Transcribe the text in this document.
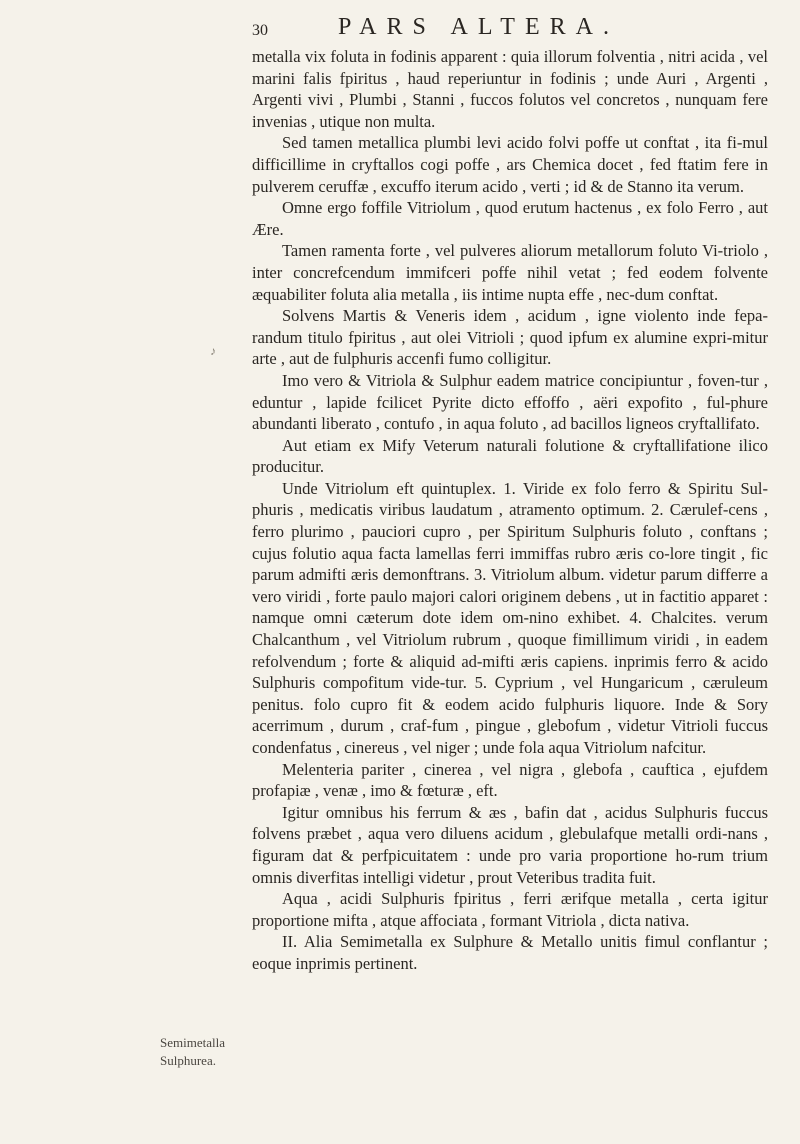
30	PARS ALTERA.
♪

metalla vix foluta in fodinis apparent : quia illorum folventia , nitri acida , vel marini falis fpiritus , haud reperiuntur in fodinis ; unde Auri , Argenti , Argenti vivi , Plumbi , Stanni , fuccos folutos vel concretos , nunquam fere invenias , utique non multa.

Sed tamen metallica plumbi levi acido folvi poffe ut conftat , ita fi-mul difficillime in cryftallos cogi poffe , ars Chemica docet , fed ftatim fere in pulverem ceruffæ , excuffo iterum acido , verti ; id & de Stanno ita verum.

Omne ergo foffile Vitriolum , quod erutum hactenus , ex folo Ferro , aut Ære.

Tamen ramenta forte , vel pulveres aliorum metallorum foluto Vi-triolo , inter concrefcendum immifceri poffe nihil vetat ; fed eodem folvente æquabiliter foluta alia metalla , iis intime nupta effe , nec-dum conftat.

Solvens Martis & Veneris idem , acidum , igne violento inde fepa-randum titulo fpiritus , aut olei Vitrioli ; quod ipfum ex alumine expri-mitur arte , aut de fulphuris accenfi fumo colligitur.

Imo vero & Vitriola & Sulphur eadem matrice concipiuntur , foven-tur , eduntur , lapide fcilicet Pyrite dicto effoffo , aëri expofito , ful-phure abundanti liberato , contufo , in aqua foluto , ad bacillos ligneos cryftallifato.

Aut etiam ex Mify Veterum naturali folutione & cryftallifatione ilico producitur.

Unde Vitriolum eft quintuplex. 1. Viride ex folo ferro & Spiritu Sul-phuris , medicatis viribus laudatum , atramento optimum. 2. Cærulef-cens , ferro plurimo , pauciori cupro , per Spiritum Sulphuris foluto , conftans ; cujus folutio aqua facta lamellas ferri immiffas rubro æris co-lore tingit , fic parum admifti æris demonftrans. 3. Vitriolum album. videtur parum differre a vero viridi , forte paulo majori calori originem debens , ut in factitio apparet : namque omni cæterum dote idem om-nino exhibet. 4. Chalcites. verum Chalcanthum , vel Vitriolum rubrum , quoque fimillimum viridi , in eadem refolvendum ; forte & aliquid ad-mifti æris capiens. inprimis ferro & acido Sulphuris compofitum vide-tur. 5. Cyprium , vel Hungaricum , cæruleum penitus. folo cupro fit & eodem acido fulphuris liquore. Inde & Sory acerrimum , durum , craf-fum , pingue , glebofum , videtur Vitrioli fuccus condenfatus , cinereus , vel niger ; unde fola aqua Vitriolum nafcitur.

Melenteria pariter , cinerea , vel nigra , glebofa , cauftica , ejufdem profapiæ , venæ , imo & fœturæ , eft.

Igitur omnibus his ferrum & æs , bafin dat , acidus Sulphuris fuccus folvens præbet , aqua vero diluens acidum , glebulafque metalli ordi-nans , figuram dat & perfpicuitatem : unde pro varia proportione ho-rum trium omnis diverfitas intelligi videtur , prout Veteribus tradita fuit.

Aqua , acidi Sulphuris fpiritus , ferri ærifque metalla , certa igitur proportione mifta , atque affociata , formant Vitriola , dicta nativa.

II. Alia Semimetalla ex Sulphure & Metallo unitis fimul conflantur ; eoque inprimis pertinent.

Semimetalla
Sulphurea.
